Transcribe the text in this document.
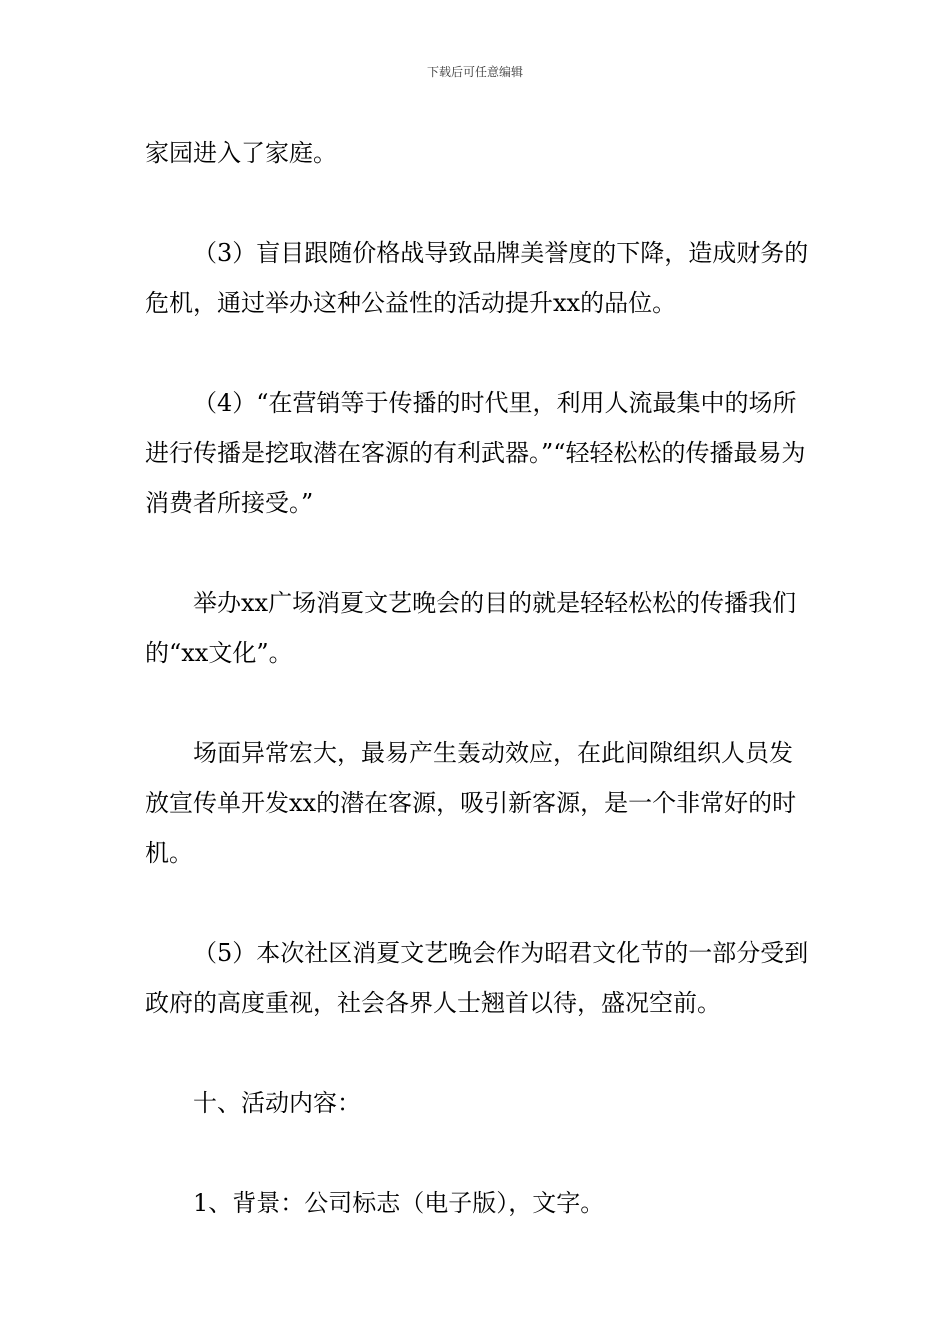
下载后可任意编辑

家园进入了家庭。

（3）盲目跟随价格战导致品牌美誉度的下降，造成财务的危机，通过举办这种公益性的活动提升xx的品位。

（4）“在营销等于传播的时代里，利用人流最集中的场所进行传播是挖取潜在客源的有利武器。”“轻轻松松的传播最易为消费者所接受。”

举办xx广场消夏文艺晚会的目的就是轻轻松松的传播我们的“xx文化”。

场面异常宏大，最易产生轰动效应，在此间隙组织人员发放宣传单开发xx的潜在客源，吸引新客源，是一个非常好的时机。

（5）本次社区消夏文艺晚会作为昭君文化节的一部分受到政府的高度重视，社会各界人士翘首以待，盛况空前。

十、活动内容：

1、背景：公司标志（电子版），文字。
